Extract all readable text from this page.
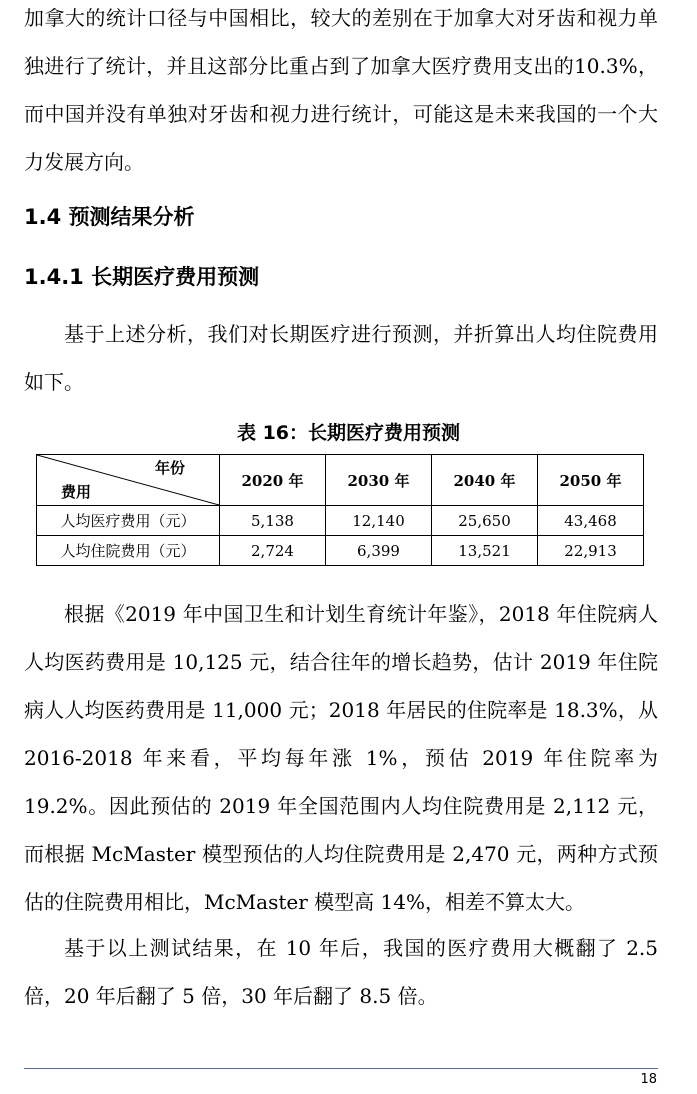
加拿大的统计口径与中国相比，较大的差别在于加拿大对牙齿和视力单独进行了统计，并且这部分比重占到了加拿大医疗费用支出的10.3%，而中国并没有单独对牙齿和视力进行统计，可能这是未来我国的一个大力发展方向。

1.4 预测结果分析
1.4.1 长期医疗费用预测

基于上述分析，我们对长期医疗进行预测，并折算出人均住院费用如下。

表 16：长期医疗费用预测

年份
费用	2020 年	2030 年	2040 年	2050 年
人均医疗费用（元）	5,138	12,140	25,650	43,468
人均住院费用（元）	2,724	6,399	13,521	22,913

根据《2019 年中国卫生和计划生育统计年鉴》，2018 年住院病人人均医药费用是 10,125 元，结合往年的增长趋势，估计 2019 年住院病人人均医药费用是 11,000 元；2018 年居民的住院率是 18.3%，从 2016-2018 年来看，平均每年涨 1%，预估 2019 年住院率为 19.2%。因此预估的 2019 年全国范围内人均住院费用是 2,112 元，而根据 McMaster 模型预估的人均住院费用是 2,470 元，两种方式预估的住院费用相比，McMaster 模型高 14%，相差不算太大。

基于以上测试结果，在 10 年后，我国的医疗费用大概翻了 2.5 倍，20 年后翻了 5 倍，30 年后翻了 8.5 倍。

18
